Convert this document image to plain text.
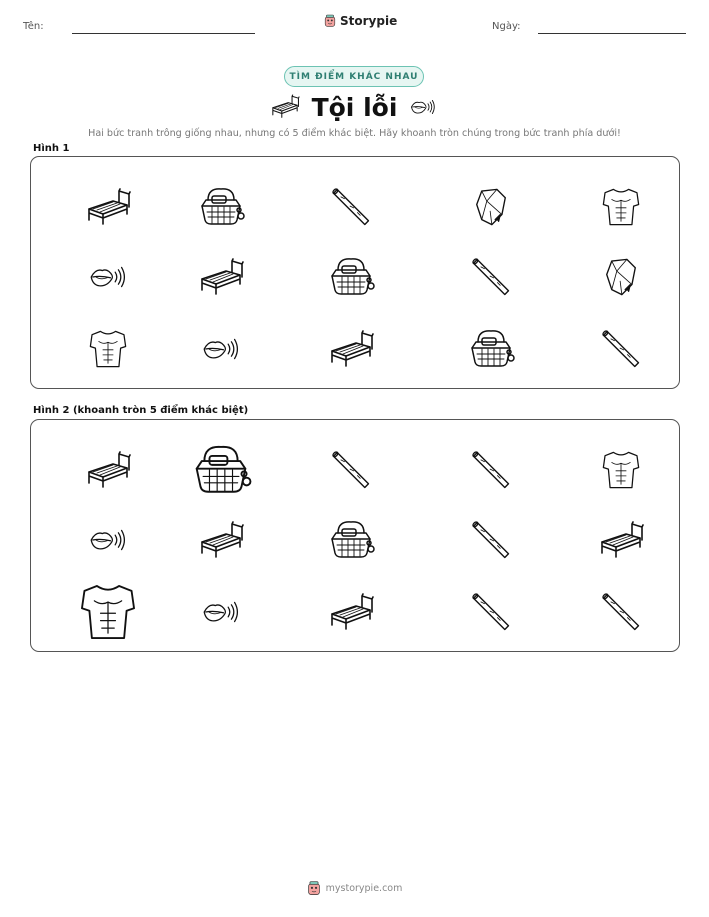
Tên:	Storypie	Ngày:
TÌM ĐIỂM KHÁC NHAU
Tội lỗi
Hai bức tranh trông giống nhau, nhưng có 5 điểm khác biệt. Hãy khoanh tròn chúng trong bức tranh phía dưới!
Hình 1
Hình 2 (khoanh tròn 5 điểm khác biệt)
mystorypie.com
